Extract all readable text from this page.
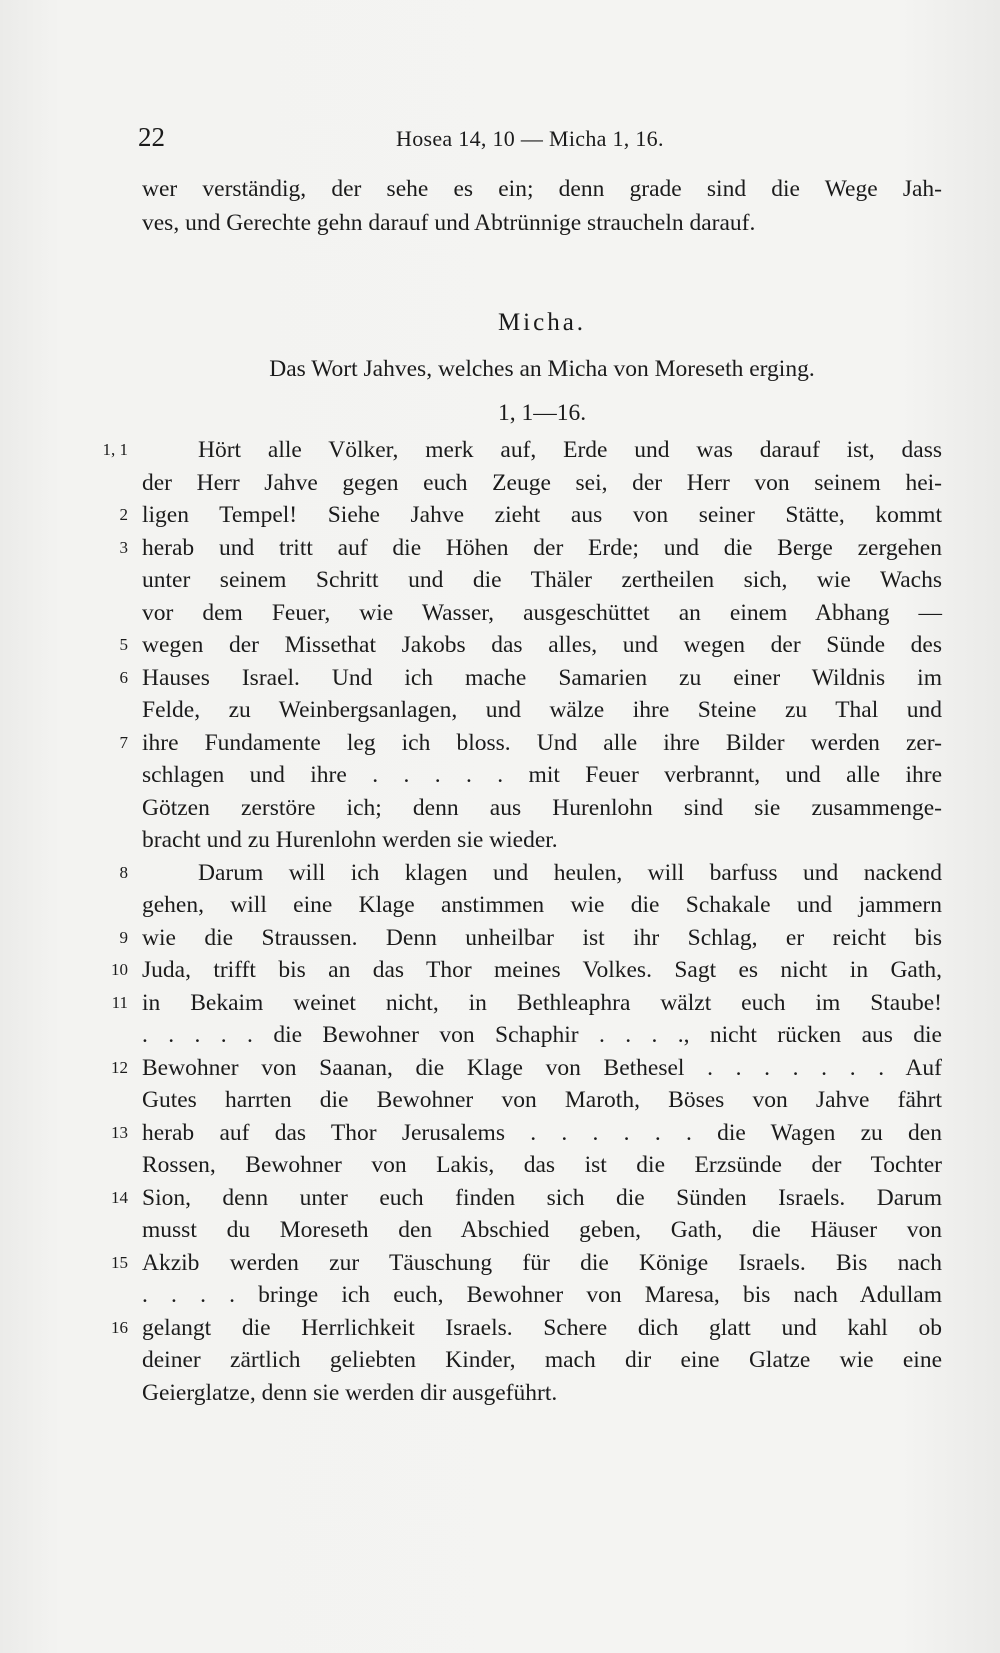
22	Hosea 14, 10 — Micha 1, 16.
wer verständig, der sehe es ein; denn grade sind die Wege Jah-
ves, und Gerechte gehn darauf und Abtrünnige straucheln darauf.
Micha.
Das Wort Jahves, welches an Micha von Moreseth erging.
1, 1—16.
Hört alle Völker, merk auf, Erde und was darauf ist, dass
der Herr Jahve gegen euch Zeuge sei, der Herr von seinem hei-
ligen Tempel! Siehe Jahve zieht aus von seiner Stätte, kommt
herab und tritt auf die Höhen der Erde; und die Berge zergehen
unter seinem Schritt und die Thäler zertheilen sich, wie Wachs
vor dem Feuer, wie Wasser, ausgeschüttet an einem Abhang —
wegen der Missethat Jakobs das alles, und wegen der Sünde des
Hauses Israel. Und ich mache Samarien zu einer Wildnis im
Felde, zu Weinbergsanlagen, und wälze ihre Steine zu Thal und
ihre Fundamente leg ich bloss. Und alle ihre Bilder werden zer-
schlagen und ihre . . . . . mit Feuer verbrannt, und alle ihre
Götzen zerstöre ich; denn aus Hurenlohn sind sie zusammenge-
bracht und zu Hurenlohn werden sie wieder.
Darum will ich klagen und heulen, will barfuss und nackend
gehen, will eine Klage anstimmen wie die Schakale und jammern
wie die Straussen. Denn unheilbar ist ihr Schlag, er reicht bis
Juda, trifft bis an das Thor meines Volkes. Sagt es nicht in Gath,
in Bekaim weinet nicht, in Bethleaphra wälzt euch im Staube!
. . . . . die Bewohner von Schaphir . . . ., nicht rücken aus die
Bewohner von Saanan, die Klage von Bethesel . . . . . . . Auf
Gutes harrten die Bewohner von Maroth, Böses von Jahve fährt
herab auf das Thor Jerusalems . . . . . . die Wagen zu den
Rossen, Bewohner von Lakis, das ist die Erzsünde der Tochter
Sion, denn unter euch finden sich die Sünden Israels. Darum
musst du Moreseth den Abschied geben, Gath, die Häuser von
Akzib werden zur Täuschung für die Könige Israels. Bis nach
. . . . bringe ich euch, Bewohner von Maresa, bis nach Adullam
gelangt die Herrlichkeit Israels. Schere dich glatt und kahl ob
deiner zärtlich geliebten Kinder, mach dir eine Glatze wie eine
Geierglatze, denn sie werden dir ausgeführt.
1, 1
2
3
5
6
7
8
9
10
11
12
13
14
15
16
